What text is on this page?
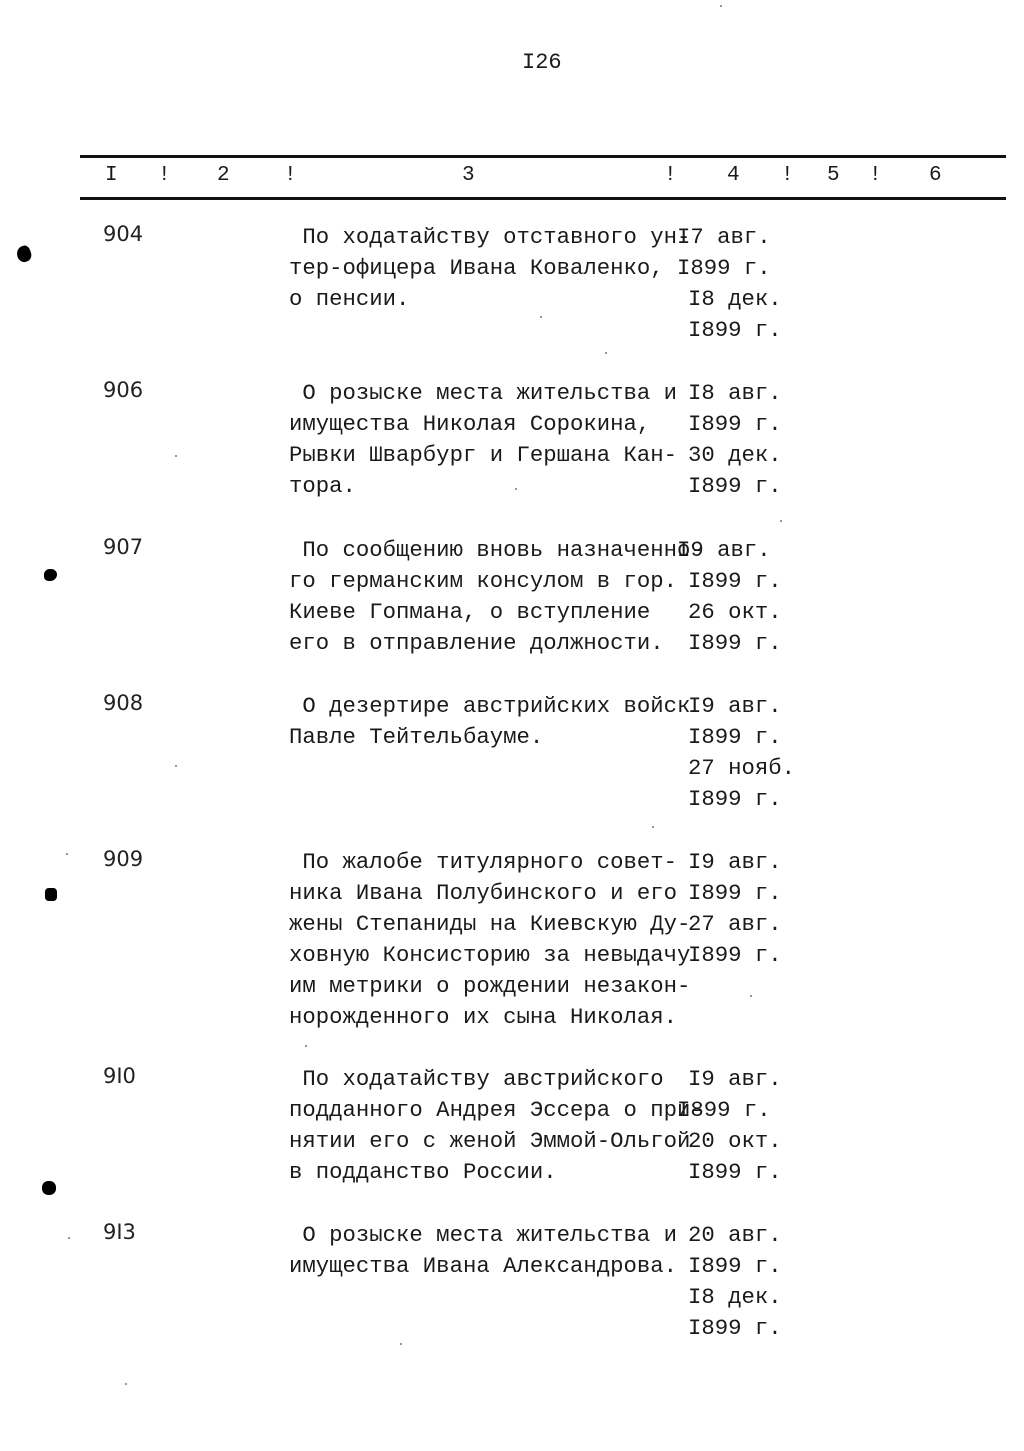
I26
I ! 2	!	3	! 4 ! 5 ! 6
904	По ходатайству отставного ун-
тер-офицера Ивана Коваленко,
о пенсии.
I7 авг.
I899 г.
I8 дек.
I899 г.
906	О розыске места жительства и
имущества Николая Сорокина,
Рывки Шварбург и Гершана Кан-
тора.
I8 авг.
I899 г.
30 дек.
I899 г.
907	По сообщению вновь назначенно-
го германским консулом в гор.
Киеве Гопмана, о вступление
его в отправление должности.
I9 авг.
I899 г.
26 окт.
I899 г.
908	О дезертире австрийских войск
Павле Тейтельбауме.
I9 авг.
I899 г.
27 нояб.
I899 г.
909	По жалобе титулярного совет-
ника Ивана Полубинского и его
жены Степаниды на Киевскую Ду-
ховную Консисторию за невыдачу
им метрики о рождении незакон-
норожденного их сына Николая.
I9 авг.
I899 г.
27 авг.
I899 г.
9I0	По ходатайству австрийского
подданного Андрея Эссера о при-
нятии его с женой Эммой-Ольгой
в подданство России.
I9 авг.
I899 г.
20 окт.
I899 г.
9I3	О розыске места жительства и
имущества Ивана Александрова.
20 авг.
I899 г.
I8 дек.
I899 г.
